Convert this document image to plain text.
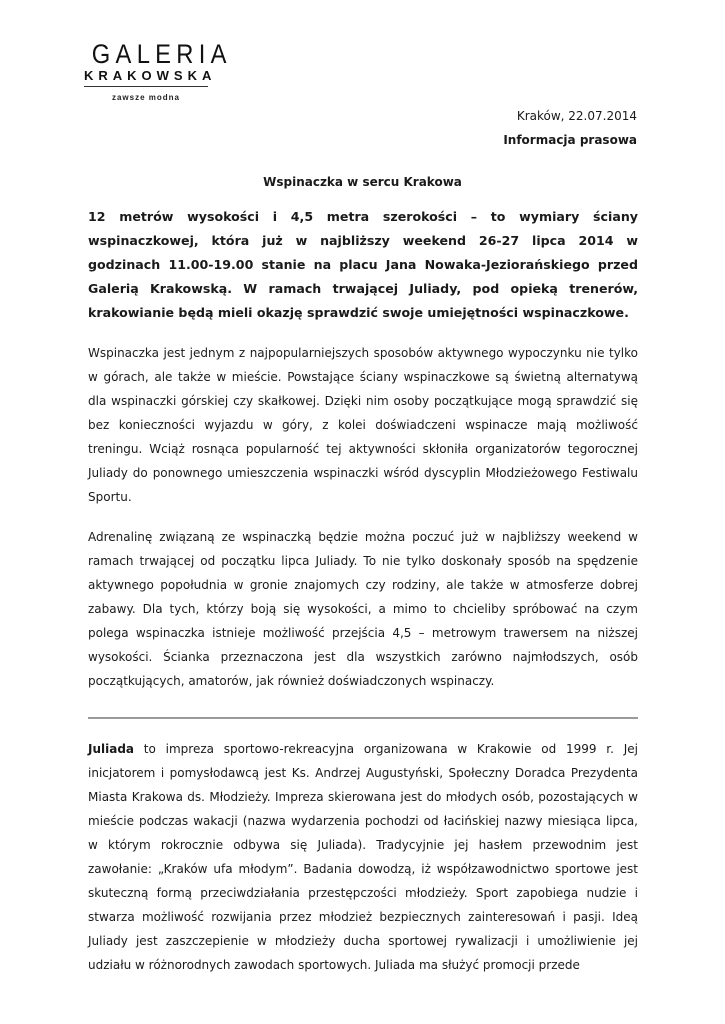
GALERIA
KRAKOWSKA
zawsze modna
Kraków, 22.07.2014
Informacja prasowa
Wspinaczka w sercu Krakowa

12 metrów wysokości i 4,5 metra szerokości – to wymiary ściany wspinaczkowej, która już w najbliższy weekend 26-27 lipca 2014 w godzinach 11.00-19.00 stanie na placu Jana Nowaka-Jeziorańskiego przed Galerią Krakowską. W ramach trwającej Juliady, pod opieką trenerów, krakowianie będą mieli okazję sprawdzić swoje umiejętności wspinaczkowe.

Wspinaczka jest jednym z najpopularniejszych sposobów aktywnego wypoczynku nie tylko w górach, ale także w mieście. Powstające ściany wspinaczkowe są świetną alternatywą dla wspinaczki górskiej czy skałkowej. Dzięki nim osoby początkujące mogą sprawdzić się bez konieczności wyjazdu w góry, z kolei doświadczeni wspinacze mają możliwość treningu. Wciąż rosnąca popularność tej aktywności skłoniła organizatorów tegorocznej Juliady do ponownego umieszczenia wspinaczki wśród dyscyplin Młodzieżowego Festiwalu Sportu.

Adrenalinę związaną ze wspinaczką będzie można poczuć już w najbliższy weekend w ramach trwającej od początku lipca Juliady. To nie tylko doskonały sposób na spędzenie aktywnego popołudnia w gronie znajomych czy rodziny, ale także w atmosferze dobrej zabawy. Dla tych, którzy boją się wysokości, a mimo to chcieliby spróbować na czym polega wspinaczka istnieje możliwość przejścia 4,5 – metrowym trawersem na niższej wysokości. Ścianka przeznaczona jest dla wszystkich zarówno najmłodszych, osób początkujących, amatorów, jak również doświadczonych wspinaczy.

Juliada to impreza sportowo-rekreacyjna organizowana w Krakowie od 1999 r. Jej inicjatorem i pomysłodawcą jest Ks. Andrzej Augustyński, Społeczny Doradca Prezydenta Miasta Krakowa ds. Młodzieży. Impreza skierowana jest do młodych osób, pozostających w mieście podczas wakacji (nazwa wydarzenia pochodzi od łacińskiej nazwy miesiąca lipca, w którym rokrocznie odbywa się Juliada). Tradycyjnie jej hasłem przewodnim jest zawołanie: „Kraków ufa młodym”. Badania dowodzą, iż współzawodnictwo sportowe jest skuteczną formą przeciwdziałania przestępczości młodzieży. Sport zapobiega nudzie i stwarza możliwość rozwijania przez młodzież bezpiecznych zainteresowań i pasji. Ideą Juliady jest zaszczepienie w młodzieży ducha sportowej rywalizacji i umożliwienie jej udziału w różnorodnych zawodach sportowych. Juliada ma służyć promocji przede
